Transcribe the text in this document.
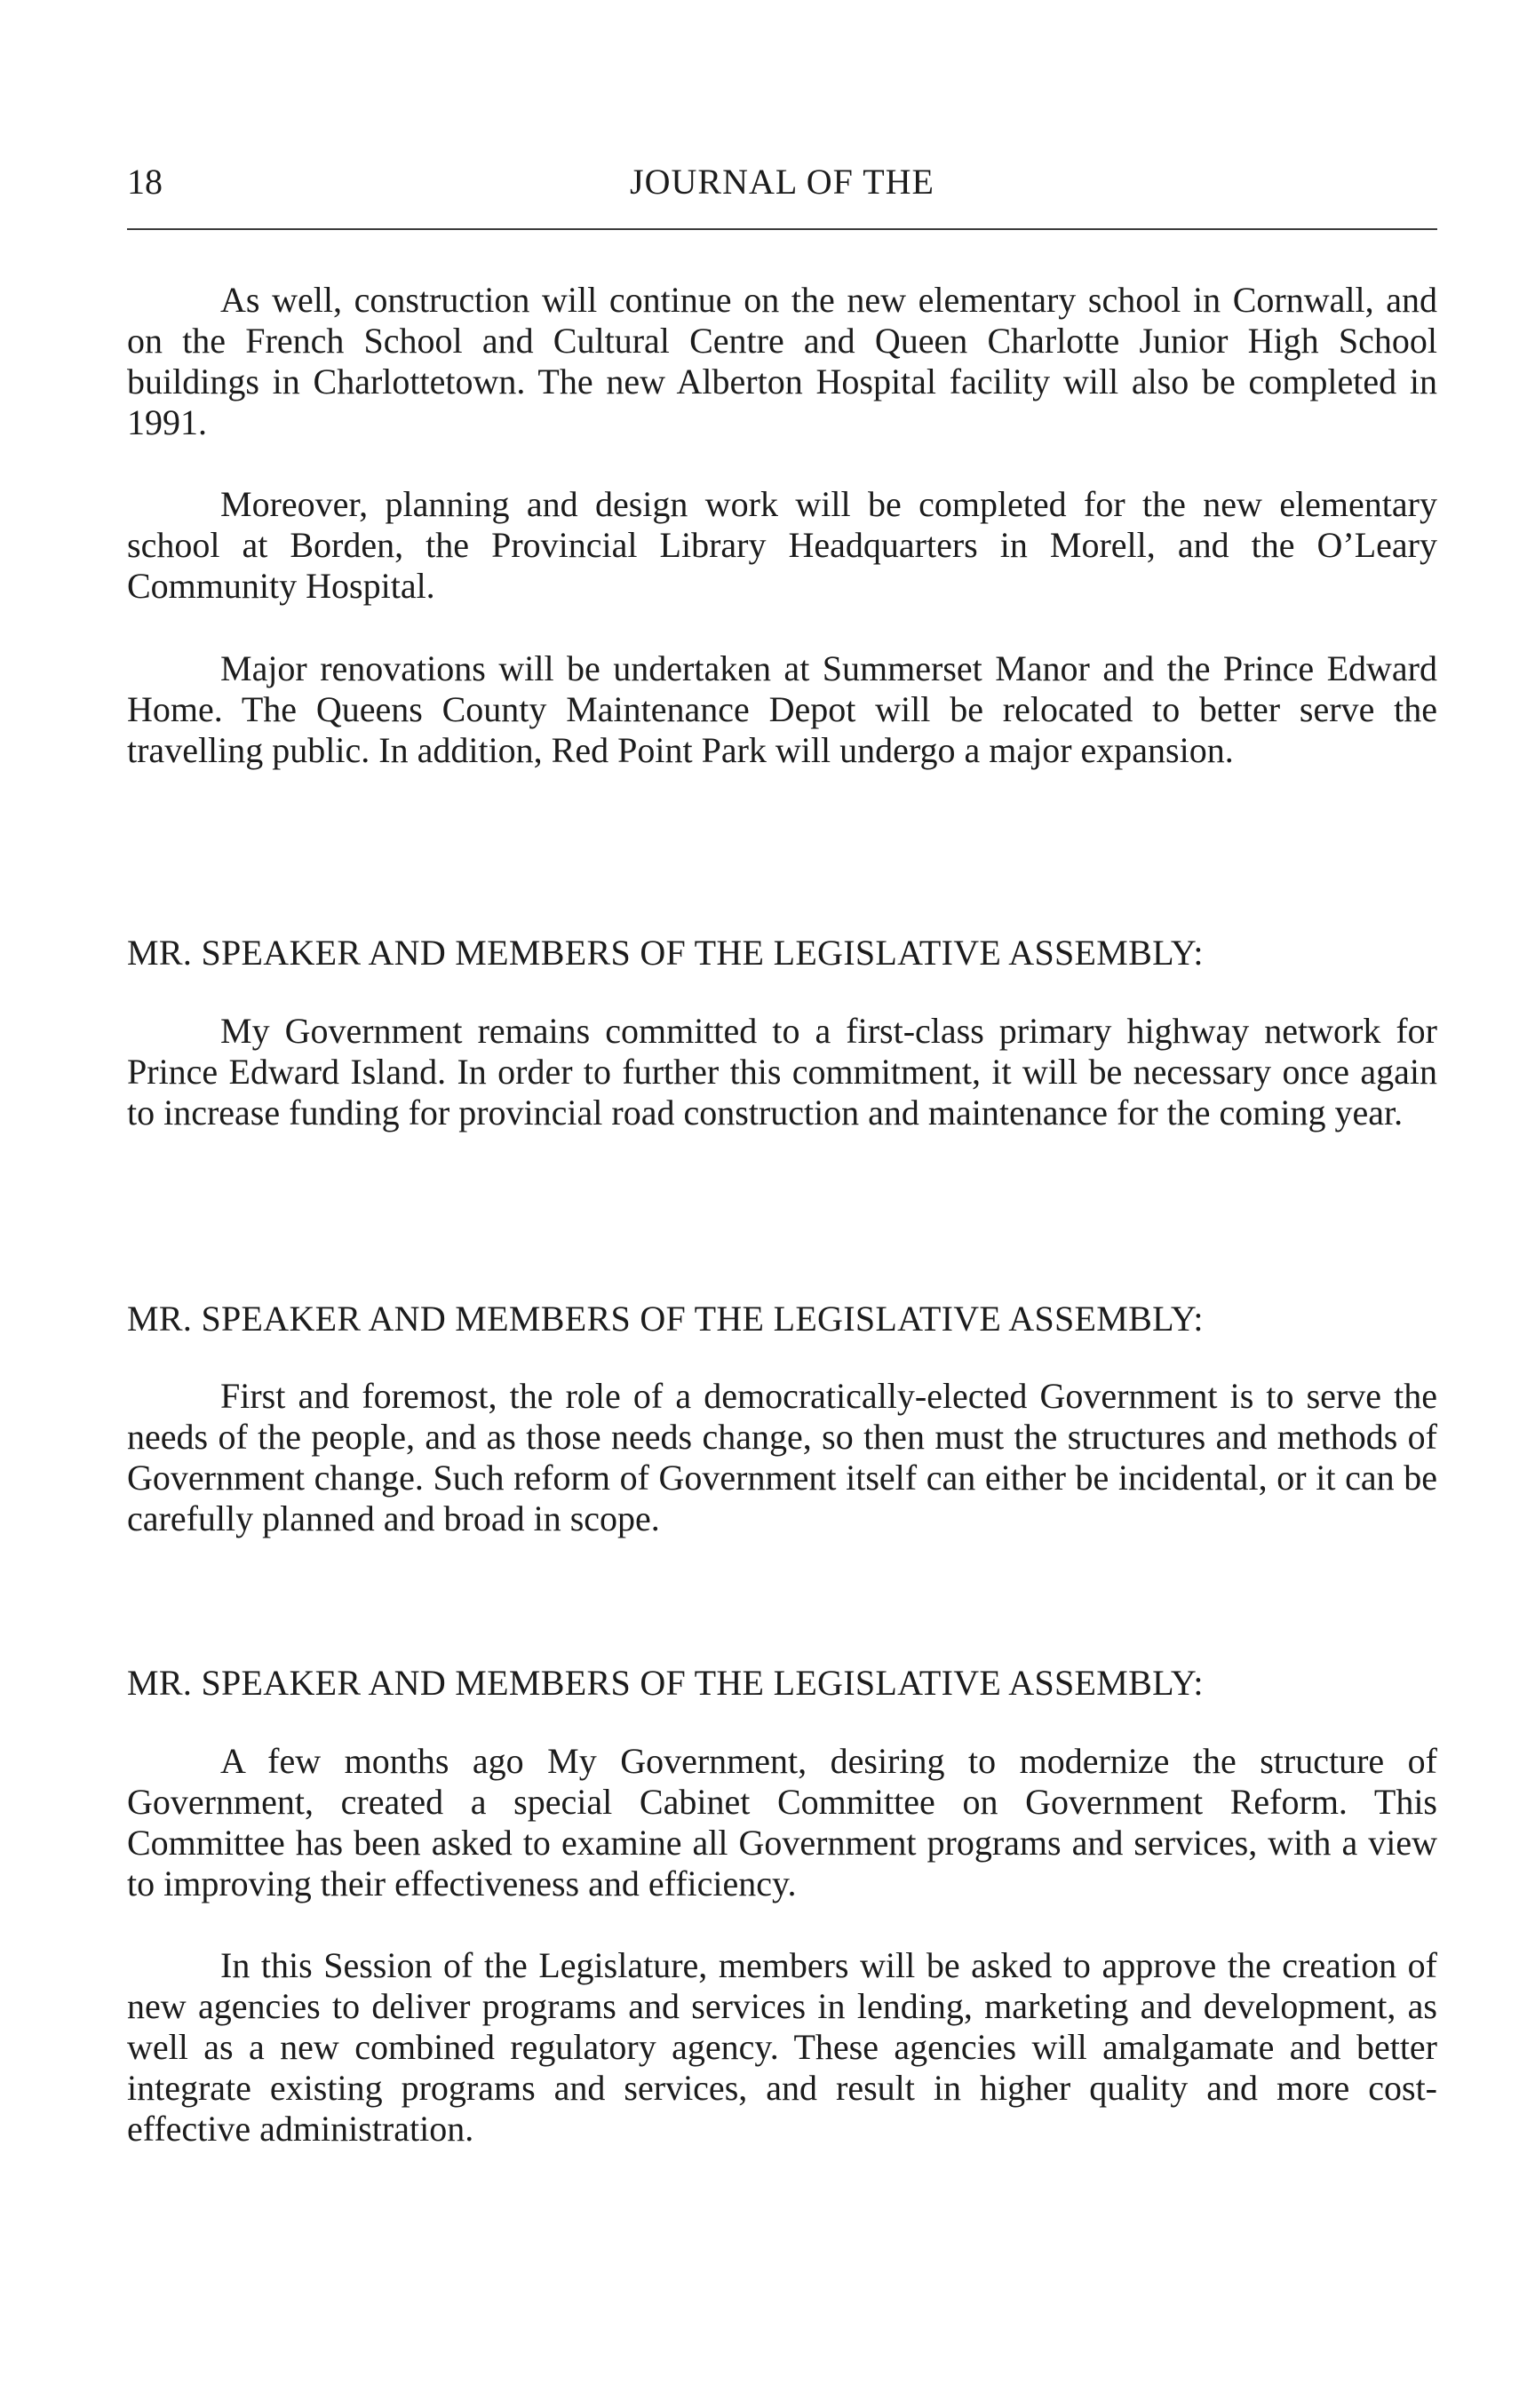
18	JOURNAL OF THE

As well, construction will continue on the new elementary school in Cornwall, and on the French School and Cultural Centre and Queen Charlotte Junior High School buildings in Charlottetown. The new Alberton Hospital facility will also be completed in 1991.

Moreover, planning and design work will be completed for the new elementary school at Borden, the Provincial Library Headquarters in Morell, and the O’Leary Community Hospital.

Major renovations will be undertaken at Summerset Manor and the Prince Edward Home. The Queens County Maintenance Depot will be relocated to better serve the travelling public. In addition, Red Point Park will undergo a major expansion.

MR. SPEAKER AND MEMBERS OF THE LEGISLATIVE ASSEMBLY:

My Government remains committed to a first-class primary highway network for Prince Edward Island. In order to further this commitment, it will be necessary once again to increase funding for provincial road construction and maintenance for the coming year.

MR. SPEAKER AND MEMBERS OF THE LEGISLATIVE ASSEMBLY:

First and foremost, the role of a democratically-elected Government is to serve the needs of the people, and as those needs change, so then must the structures and methods of Government change. Such reform of Government itself can either be incidental, or it can be carefully planned and broad in scope.

MR. SPEAKER AND MEMBERS OF THE LEGISLATIVE ASSEMBLY:

A few months ago My Government, desiring to modernize the structure of Government, created a special Cabinet Committee on Government Reform. This Committee has been asked to examine all Government programs and services, with a view to improving their effectiveness and efficiency.

In this Session of the Legislature, members will be asked to approve the creation of new agencies to deliver programs and services in lending, marketing and development, as well as a new combined regulatory agency. These agencies will amalgamate and better integrate existing programs and services, and result in higher quality and more cost-effective administration.
